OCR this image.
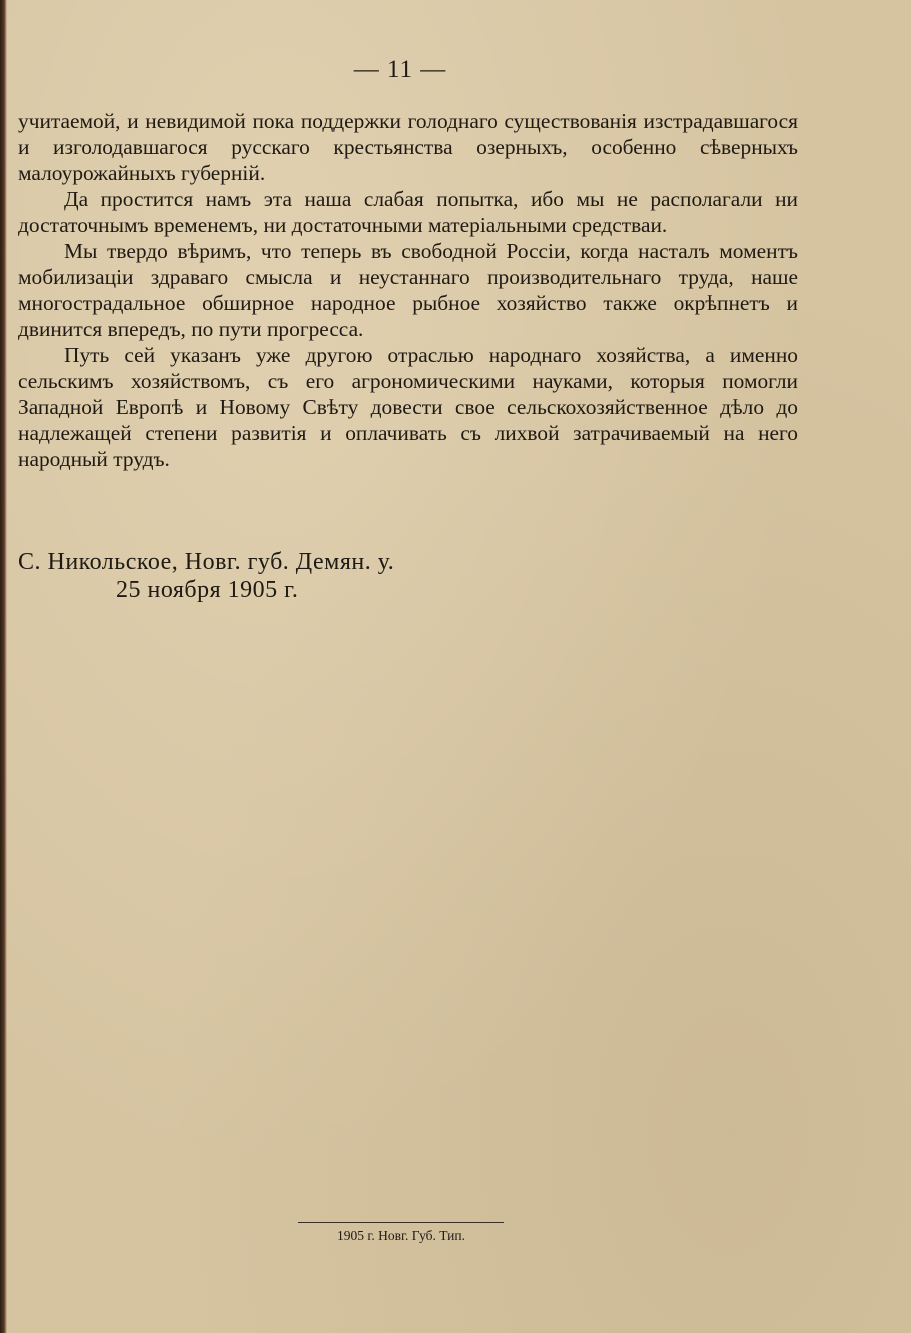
— 11 —

учитаемой, и невидимой пока поддержки голоднаго существованія изстрадавшагося и изголодавшагося русскаго крестьянства озерныхъ, особенно сѣверныхъ малоурожайныхъ губерній.

Да простится намъ эта наша слабая попытка, ибо мы не располагали ни достаточнымъ временемъ, ни достаточными матеріальными средстваи.

Мы твердо вѣримъ, что теперь въ свободной Россіи, когда насталъ моментъ мобилизаціи здраваго смысла и неустаннаго производительнаго труда, наше многострадальное обширное народное рыбное хозяйство также окрѣпнетъ и двинится впередъ, по пути прогресса.

Путь сей указанъ уже другою отраслью народнаго хозяйства, а именно сельскимъ хозяйствомъ, съ его агрономическими науками, которыя помогли Западной Европѣ и Новому Свѣту довести свое сельскохозяйственное дѣло до надлежащей степени развитія и оплачивать съ лихвой затрачиваемый на него народный трудъ.

С. Никольское, Новг. губ. Демян. у.
25 ноября 1905 г.
1905 г. Новг. Губ. Тип.
